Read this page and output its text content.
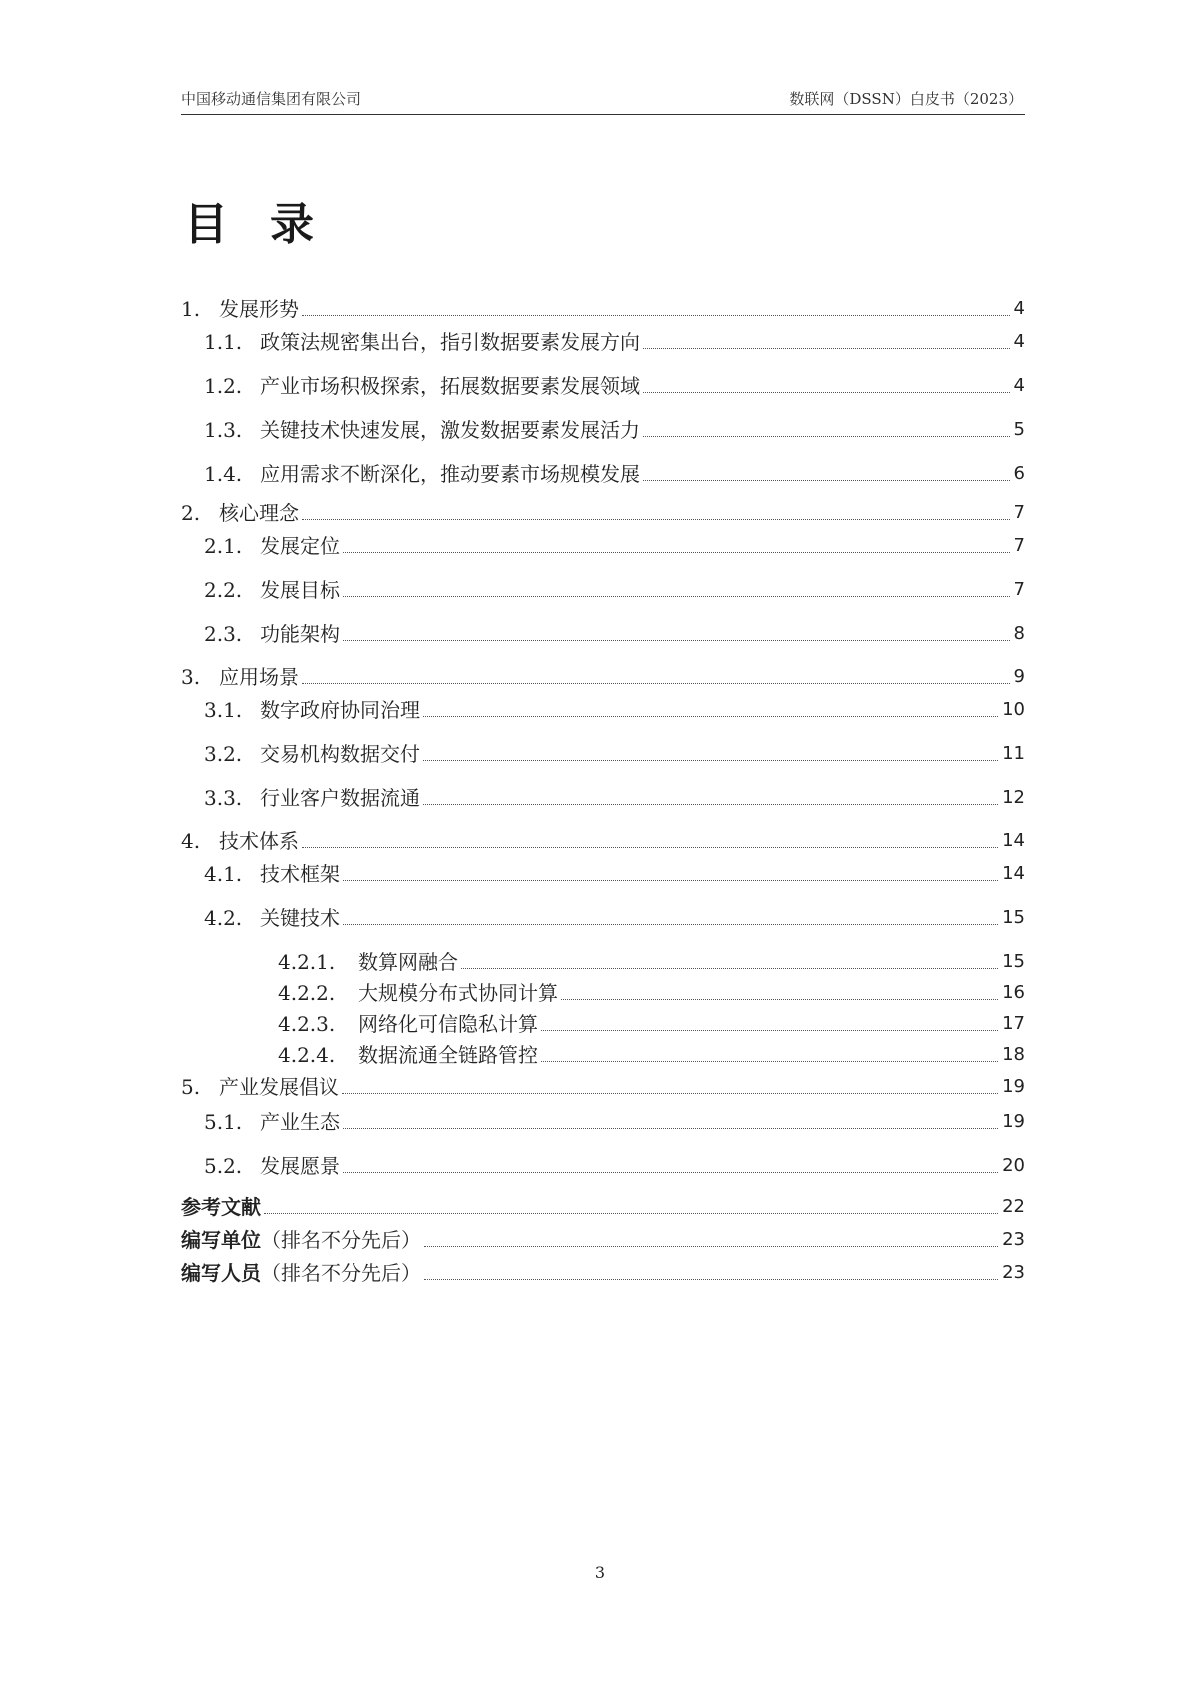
中国移动通信集团有限公司	数联网（DSSN）白皮书（2023）
目录
1. 发展形势	4
1.1. 政策法规密集出台，指引数据要素发展方向	4
1.2. 产业市场积极探索，拓展数据要素发展领域	4
1.3. 关键技术快速发展，激发数据要素发展活力	5
1.4. 应用需求不断深化，推动要素市场规模发展	6
2. 核心理念	7
2.1. 发展定位	7
2.2. 发展目标	7
2.3. 功能架构	8
3. 应用场景	9
3.1. 数字政府协同治理	10
3.2. 交易机构数据交付	11
3.3. 行业客户数据流通	12
4. 技术体系	14
4.1. 技术框架	14
4.2. 关键技术	15
4.2.1.	数算网融合	15
4.2.2.	大规模分布式协同计算	16
4.2.3.	网络化可信隐私计算	17
4.2.4.	数据流通全链路管控	18
5. 产业发展倡议	19
5.1. 产业生态	19
5.2. 发展愿景	20
参考文献	22
编写单位 （排名不分先后）	23
编写人员 （排名不分先后）	23
3
